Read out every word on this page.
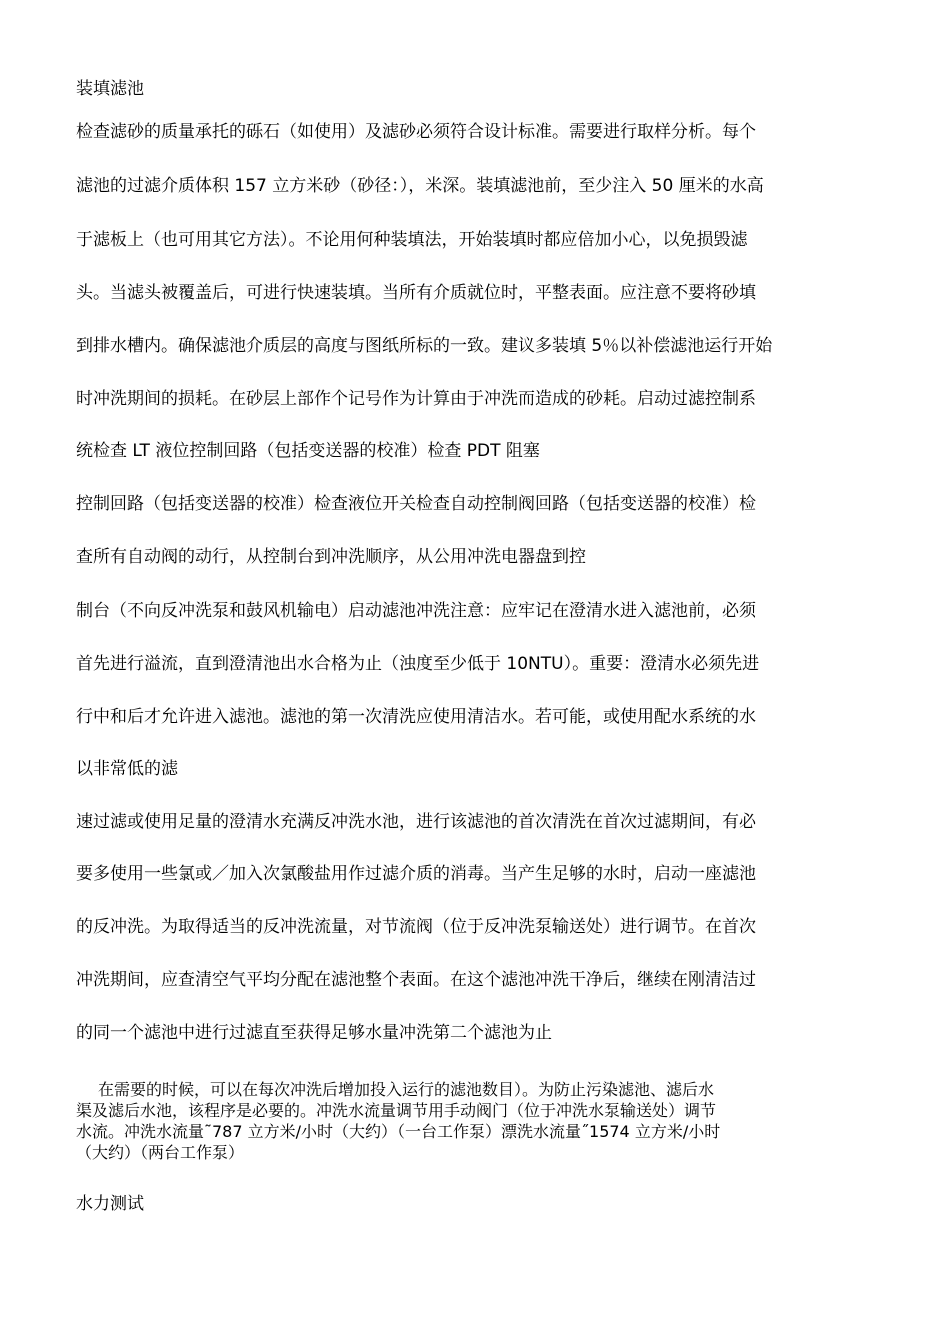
装填滤池
检查滤砂的质量承托的砾石（如使用）及滤砂必须符合设计标准。需要进行取样分析。每个
滤池的过滤介质体积 157 立方米砂（砂径：），米深。装填滤池前，至少注入 50 厘米的水高
于滤板上（也可用其它方法）。不论用何种装填法，开始装填时都应倍加小心，以免损毁滤
头。当滤头被覆盖后，可进行快速装填。当所有介质就位时，平整表面。应注意不要将砂填
到排水槽内。确保滤池介质层的高度与图纸所标的一致。建议多装填 5％以补偿滤池运行开始
时冲洗期间的损耗。在砂层上部作个记号作为计算由于冲洗而造成的砂耗。启动过滤控制系
统检查 LT 液位控制回路（包括变送器的校准）检查 PDT 阻塞
控制回路（包括变送器的校准）检查液位开关检查自动控制阀回路（包括变送器的校准）检
查所有自动阀的动行，从控制台到冲洗顺序，从公用冲洗电器盘到控
制台（不向反冲洗泵和鼓风机输电）启动滤池冲洗注意：应牢记在澄清水进入滤池前，必须
首先进行溢流，直到澄清池出水合格为止（浊度至少低于 10NTU）。重要：澄清水必须先进
行中和后才允许进入滤池。滤池的第一次清洗应使用清洁水。若可能，或使用配水系统的水
以非常低的滤
速过滤或使用足量的澄清水充满反冲洗水池，进行该滤池的首次清洗在首次过滤期间，有必
要多使用一些氯或／加入次氯酸盐用作过滤介质的消毒。当产生足够的水时，启动一座滤池
的反冲洗。为取得适当的反冲洗流量，对节流阀（位于反冲洗泵输送处）进行调节。在首次
冲洗期间，应查清空气平均分配在滤池整个表面。在这个滤池冲洗干净后，继续在刚清洁过
的同一个滤池中进行过滤直至获得足够水量冲洗第二个滤池为止
在需要的时候，可以在每次冲洗后增加投入运行的滤池数目）。为防止污染滤池、滤后水
渠及滤后水池，该程序是必要的。冲洗水流量调节用手动阀门（位于冲洗水泵输送处）调节
水流。冲洗水流量˜787 立方米/小时（大约）（一台工作泵）漂洗水流量˝1574 立方米/小时
（大约）（两台工作泵）
水力测试
